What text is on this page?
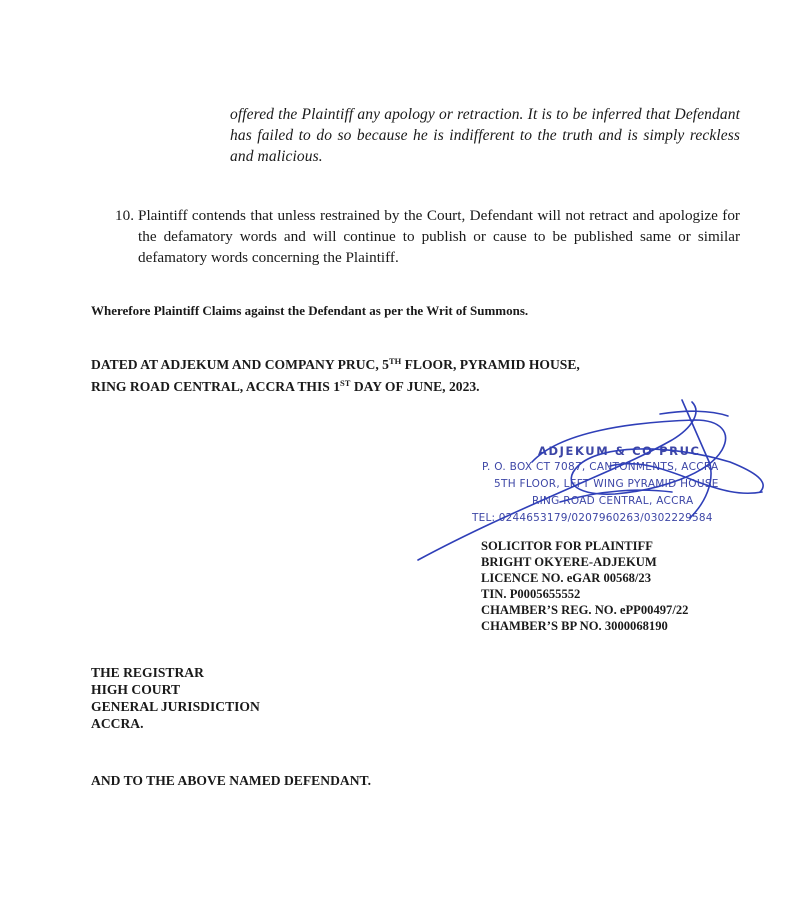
offered the Plaintiff any apology or retraction. It is to be inferred that Defendant has failed to do so because he is indifferent to the truth and is simply reckless and malicious.
10. Plaintiff contends that unless restrained by the Court, Defendant will not retract and apologize for the defamatory words and will continue to publish or cause to be published same or similar defamatory words concerning the Plaintiff.
Wherefore Plaintiff Claims against the Defendant as per the Writ of Summons.
DATED AT ADJEKUM AND COMPANY PRUC, 5TH FLOOR, PYRAMID HOUSE,
RING ROAD CENTRAL, ACCRA THIS 1ST DAY OF JUNE, 2023.
ADJEKUM & CO PRUC
P. O. BOX CT 7087, CANTONMENTS, ACCRA
5TH FLOOR, LEFT WING PYRAMID HOUSE
RING ROAD CENTRAL, ACCRA
TEL: 0244653179/0207960263/0302229584
SOLICITOR FOR PLAINTIFF
BRIGHT OKYERE-ADJEKUM
LICENCE NO. eGAR 00568/23
TIN. P0005655552
CHAMBER’S REG. NO. ePP00497/22
CHAMBER’S BP NO. 3000068190
THE REGISTRAR
HIGH COURT
GENERAL JURISDICTION
ACCRA.
AND TO THE ABOVE NAMED DEFENDANT.
